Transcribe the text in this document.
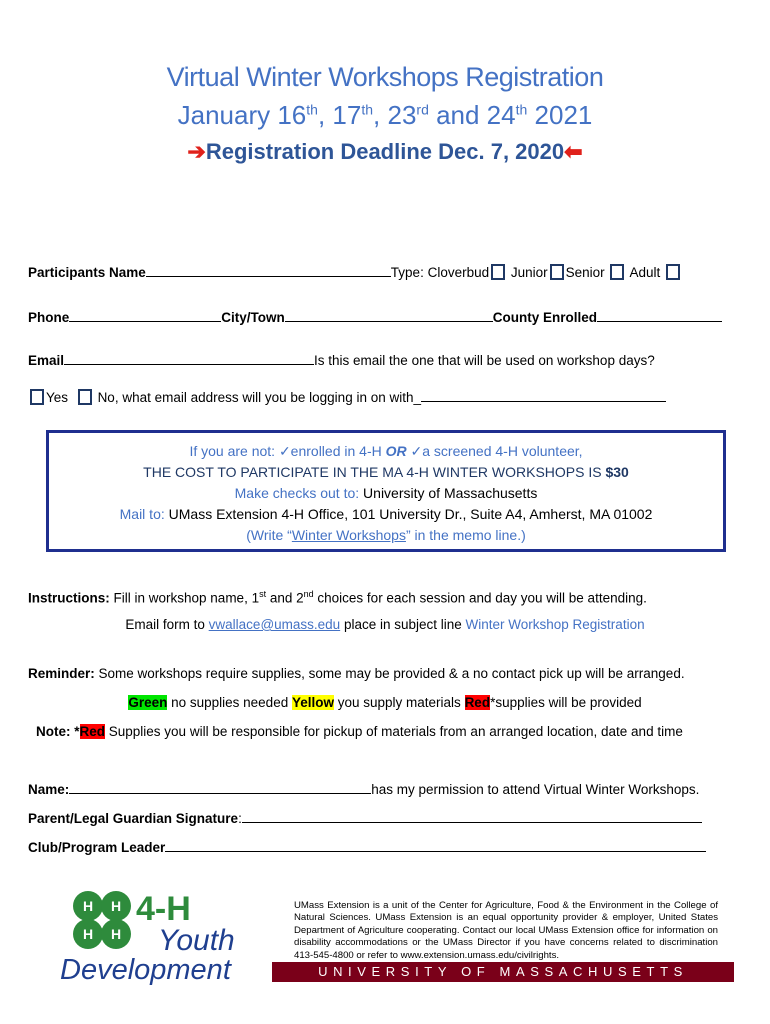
Virtual Winter Workshops Registration
January 16th, 17th, 23rd and 24th 2021
➔Registration Deadline Dec. 7, 2020⬅
Participants Name	Type: Cloverbud Junior Senior Adult
Phone	City/Town	County Enrolled
Email	Is this email the one that will be used on workshop days?
Yes No, what email address will you be logging in on with_
If you are not: ✓enrolled in 4-H OR ✓a screened 4-H volunteer,
THE COST TO PARTICIPATE IN THE MA 4-H WINTER WORKSHOPS IS $30
Make checks out to: University of Massachusetts
Mail to: UMass Extension 4-H Office, 101 University Dr., Suite A4, Amherst, MA 01002
(Write “Winter Workshops” in the memo line.)
Instructions: Fill in workshop name, 1st and 2nd choices for each session and day you will be attending.
Email form to vwallace@umass.edu place in subject line Winter Workshop Registration
Reminder: Some workshops require supplies, some may be provided & a no contact pick up will be arranged.
Green no supplies needed Yellow you supply materials Red*supplies will be provided
Note: *Red Supplies you will be responsible for pickup of materials from an arranged location, date and time
Name:	has my permission to attend Virtual Winter Workshops.
Parent/Legal Guardian Signature:
Club/Program Leader
H H
H H
4-H
Youth
Development
UMass Extension is a unit of the Center for Agriculture, Food & the Environment in the College of Natural Sciences. UMass Extension is an equal opportunity provider & employer, United States Department of Agriculture cooperating. Contact our local UMass Extension office for information on disability accommodations or the UMass Director if you have concerns related to discrimination 413-545-4800 or refer to www.extension.umass.edu/civilrights.
UNIVERSITY OF MASSACHUSETTS AMHERST
